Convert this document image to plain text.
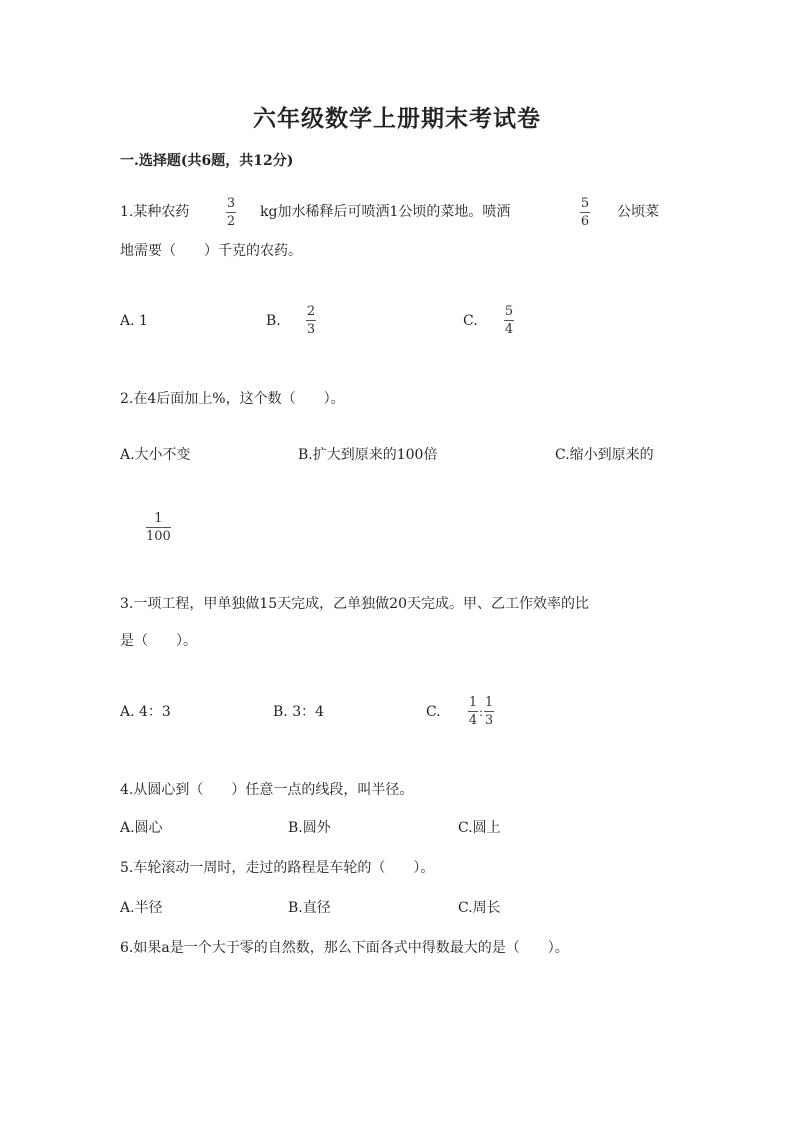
六年级数学上册期末考试卷
一.选择题(共6题，共12分)
1.某种农药
3
2
kg加水稀释后可喷洒1公顷的菜地。喷洒
5
6
公顷菜
地需要（　　）千克的农药。
A. 1	B.
2
3
C.
5
4
2.在4后面加上%，这个数（　　）。
A.大小不变	B.扩大到原来的100倍	C.缩小到原来的
1
100
3.一项工程，甲单独做15天完成，乙单独做20天完成。甲、乙工作效率的比
是（　　）。
A. 4：3	B. 3：4	C. $\frac{1}{4}$ : $\frac{1}{3}$
4.从圆心到（　　）任意一点的线段，叫半径。
A.圆心	B.圆外	C.圆上
5.车轮滚动一周时，走过的路程是车轮的（　　）。
A.半径	B.直径	C.周长
6.如果a是一个大于零的自然数，那么下面各式中得数最大的是（　　）。
